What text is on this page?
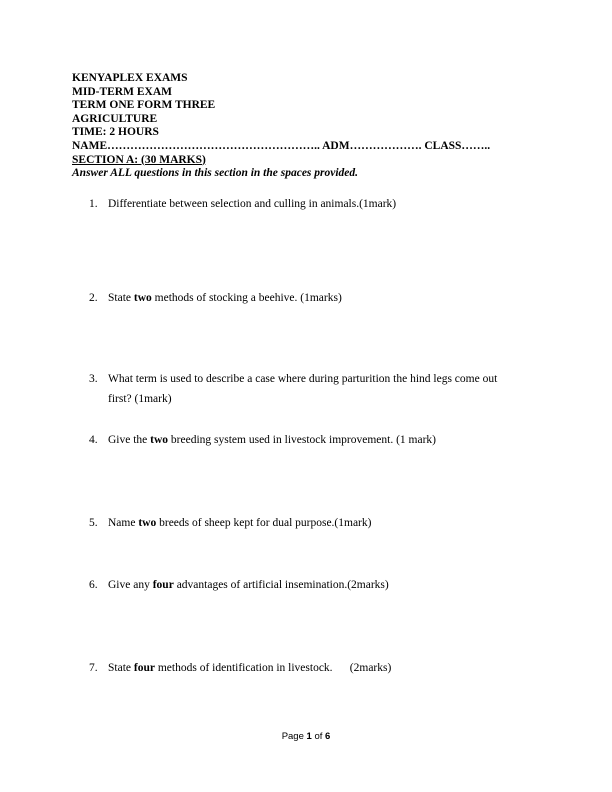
KENYAPLEX EXAMS
MID-TERM EXAM
TERM ONE FORM THREE
AGRICULTURE
TIME: 2 HOURS
NAME……………………………………………….. ADM………………. CLASS……..
SECTION A: (30 MARKS)
Answer ALL questions in this section in the spaces provided.
1. Differentiate between selection and culling in animals.(1mark)
2. State two methods of stocking a beehive. (1marks)
3. What term is used to describe a case where during parturition the hind legs come out
first? (1mark)
4. Give the two breeding system used in livestock improvement. (1 mark)
5. Name two breeds of sheep kept for dual purpose.(1mark)
6. Give any four advantages of artificial insemination.(2marks)
7. State four methods of identification in livestock.      (2marks)
Page 1 of 6
